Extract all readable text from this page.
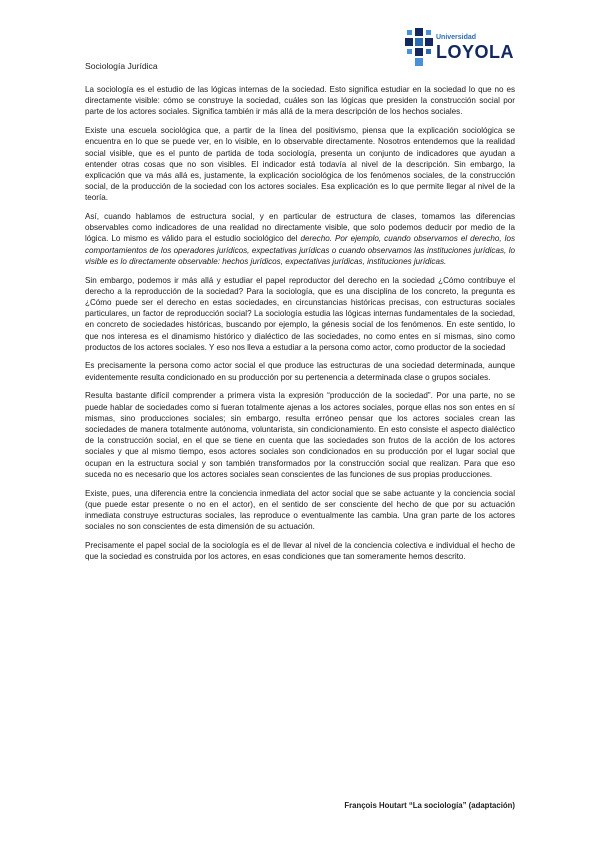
Universidad
LOYOLA
Sociología Jurídica

La sociología es el estudio de las lógicas internas de la sociedad. Esto significa estudiar en la sociedad lo que no es directamente visible: cómo se construye la sociedad, cuáles son las lógicas que presiden la construcción social por parte de los actores sociales. Significa también ir más allá de la mera descripción de los hechos sociales.

Existe una escuela sociológica que, a partir de la línea del positivismo, piensa que la explicación sociológica se encuentra en lo que se puede ver, en lo visible, en lo observable directamente. Nosotros entendemos que la realidad social visible, que es el punto de partida de toda sociología, presenta un conjunto de indicadores que ayudan a entender otras cosas que no son visibles. El indicador está todavía al nivel de la descripción. Sin embargo, la explicación que va más allá es, justamente, la explicación sociológica de los fenómenos sociales, de la construcción social, de la producción de la sociedad con los actores sociales. Esa explicación es lo que permite llegar al nivel de la teoría.

Así, cuando hablamos de estructura social, y en particular de estructura de clases, tomamos las diferencias observables como indicadores de una realidad no directamente visible, que solo podemos deducir por medio de la lógica. Lo mismo es válido para el estudio sociológico del derecho. Por ejemplo, cuando observamos el derecho, los comportamientos de los operadores jurídicos, expectativas jurídicas o cuando observamos las instituciones jurídicas, lo visible es lo directamente observable: hechos jurídicos, expectativas jurídicas, instituciones jurídicas.

Sin embargo, podemos ir más allá y estudiar el papel reproductor del derecho en la sociedad ¿Cómo contribuye el derecho a la reproducción de la sociedad? Para la sociología, que es una disciplina de los concreto, la pregunta es ¿Cómo puede ser el derecho en estas sociedades, en circunstancias históricas precisas, con estructuras sociales particulares, un factor de reproducción social? La sociología estudia las lógicas internas fundamentales de la sociedad, en concreto de sociedades históricas, buscando por ejemplo, la génesis social de los fenómenos. En este sentido, lo que nos interesa es el dinamismo histórico y dialéctico de las sociedades, no como entes en sí mismas, sino como productos de los actores sociales. Y eso nos lleva a estudiar a la persona como actor, como productor de la sociedad

Es precisamente la persona como actor social el que produce las estructuras de una sociedad determinada, aunque evidentemente resulta condicionado en su producción por su pertenencia a determinada clase o grupos sociales.

Resulta bastante difícil comprender a primera vista la expresión “producción de la sociedad”. Por una parte, no se puede hablar de sociedades como si fueran totalmente ajenas a los actores sociales, porque ellas nos son entes en sí mismas, sino producciones sociales; sin embargo, resulta erróneo pensar que los actores sociales crean las sociedades de manera totalmente autónoma, voluntarista, sin condicionamiento. En esto consiste el aspecto dialéctico de la construcción social, en el que se tiene en cuenta que las sociedades son frutos de la acción de los actores sociales y que al mismo tiempo, esos actores sociales son condicionados en su producción por el lugar social que ocupan en la estructura social y son también transformados por la construcción social que realizan. Para que eso suceda no es necesario que los actores sociales sean conscientes de las funciones de sus propias producciones.

Existe, pues, una diferencia entre la conciencia inmediata del actor social que se sabe actuante y la conciencia social (que puede estar presente o no en el actor), en el sentido de ser consciente del hecho de que por su actuación inmediata construye estructuras sociales, las reproduce o eventualmente las cambia. Una gran parte de los actores sociales no son conscientes de esta dimensión de su actuación.

Precisamente el papel social de la sociología es el de llevar al nivel de la conciencia colectiva e individual el hecho de que la sociedad es construida por los actores, en esas condiciones que tan someramente hemos descrito.

François Houtart “La sociología” (adaptación)
